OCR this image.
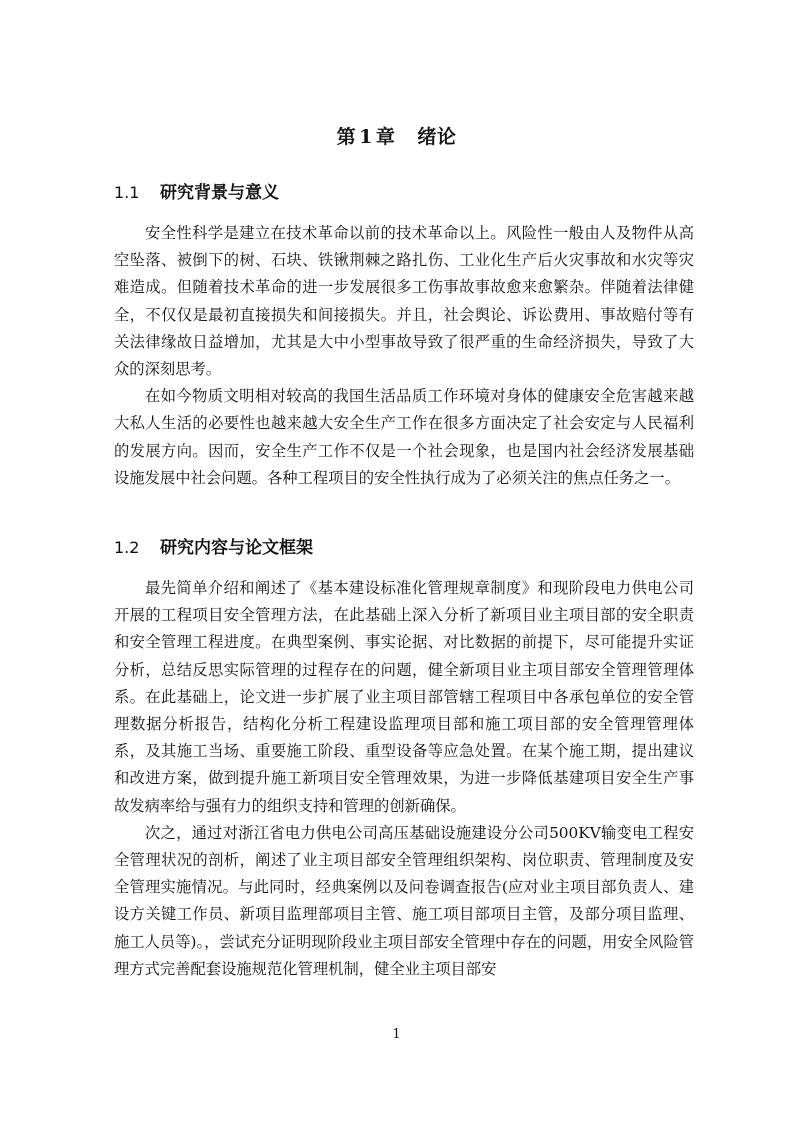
第 1 章 绪论
1.1 研究背景与意义

安全性科学是建立在技术革命以前的技术革命以上。风险性一般由人及物件从高空坠落、被倒下的树、石块、铁锹荆棘之路扎伤、工业化生产后火灾事故和水灾等灾难造成。但随着技术革命的进一步发展很多工伤事故事故愈来愈繁杂。伴随着法律健全，不仅仅是最初直接损失和间接损失。并且，社会舆论、诉讼费用、事故赔付等有关法律缘故日益增加，尤其是大中小型事故导致了很严重的生命经济损失，导致了大众的深刻思考。

在如今物质文明相对较高的我国生活品质工作环境对身体的健康安全危害越来越大私人生活的必要性也越来越大安全生产工作在很多方面决定了社会安定与人民福利的发展方向。因而，安全生产工作不仅是一个社会现象，也是国内社会经济发展基础设施发展中社会问题。各种工程项目的安全性执行成为了必须关注的焦点任务之一。

1.2 研究内容与论文框架

最先简单介绍和阐述了《基本建设标准化管理规章制度》和现阶段电力供电公司开展的工程项目安全管理方法，在此基础上深入分析了新项目业主项目部的安全职责和安全管理工程进度。在典型案例、事实论据、对比数据的前提下，尽可能提升实证分析，总结反思实际管理的过程存在的问题，健全新项目业主项目部安全管理管理体系。在此基础上，论文进一步扩展了业主项目部管辖工程项目中各承包单位的安全管理数据分析报告，结构化分析工程建设监理项目部和施工项目部的安全管理管理体系，及其施工当场、重要施工阶段、重型设备等应急处置。在某个施工期，提出建议和改进方案，做到提升施工新项目安全管理效果，为进一步降低基建项目安全生产事故发病率给与强有力的组织支持和管理的创新确保。

次之，通过对浙江省电力供电公司高压基础设施建设分公司500KV输变电工程安全管理状况的剖析，阐述了业主项目部安全管理组织架构、岗位职责、管理制度及安全管理实施情况。与此同时，经典案例以及问卷调查报告(应对业主项目部负责人、建设方关键工作员、新项目监理部项目主管、施工项目部项目主管，及部分项目监理、施工人员等)。，尝试充分证明现阶段业主项目部安全管理中存在的问题，用安全风险管理方式完善配套设施规范化管理机制，健全业主项目部安

1
